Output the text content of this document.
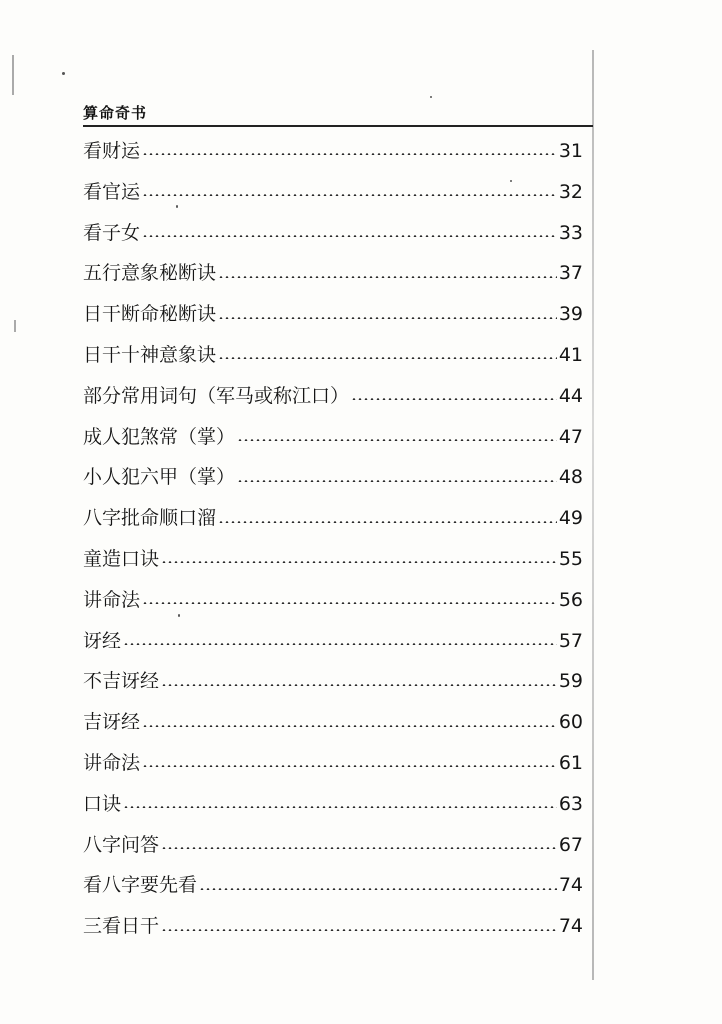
算命奇书
看财运	31
看官运	32
看子女	33
五行意象秘断诀	37
日干断命秘断诀	39
日干十神意象诀	41
部分常用词句（军马或称江口）	44
成人犯煞常（掌）	47
小人犯六甲（掌）	48
八字批命顺口溜	49
童造口诀	55
讲命法	56
讶经	57
不吉讶经	59
吉讶经	60
讲命法	61
口诀	63
八字问答	67
看八字要先看	74
三看日干	74
